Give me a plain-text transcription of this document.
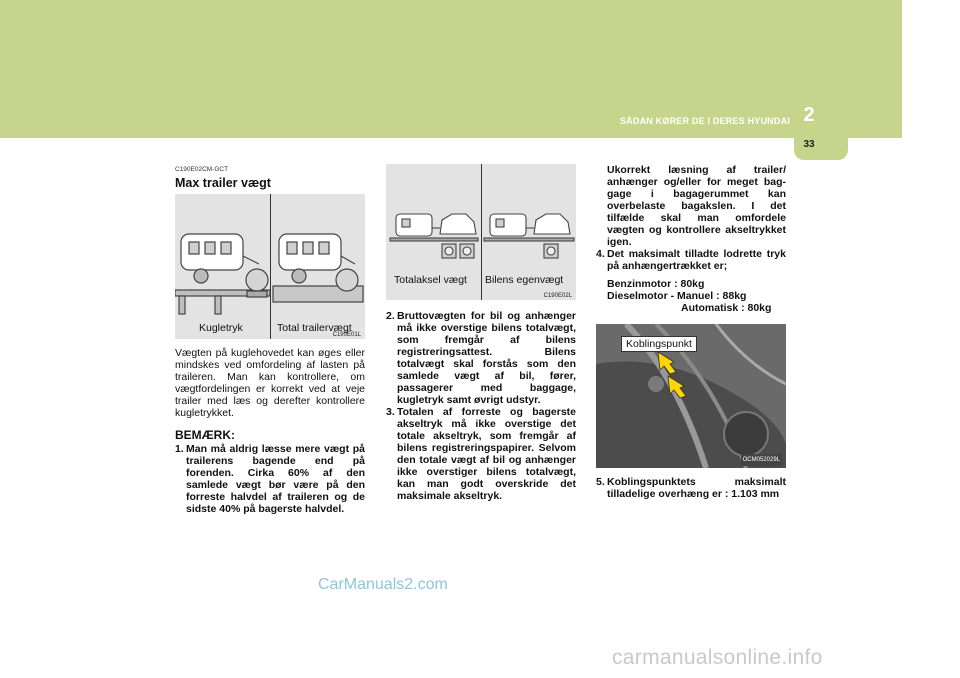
SÅDAN KØRER DE I DERES HYUNDAI 2
33
C190E02CM-GCT
Max trailer vægt
Kugletryk	Total trailervægt
C190E01L

Vægten på kuglehovedet kan øges eller mindskes ved omfordeling af lasten på traileren. Man kan kontrollere, om vægtfordelingen er korrekt ved at veje trailer med læs og derefter kontrollere kugletrykket.

BEMÆRK:
1. Man må aldrig læsse mere vægt på trailerens bagende end på forenden. Cirka 60% af den samlede vægt bør være på den forreste halvdel af traileren og de sidste 40% på bagerste halvdel.
Totalaksel vægt Bilens egenvægt
C190E02L
2. Bruttovægten for bil og anhænger må ikke overstige bilens totalvægt, som fremgår af bilens registreringsattest. Bilens totalvægt skal forstås som den samlede vægt af bil, fører, passagerer med baggage, kugletryk samt øvrigt udstyr.
3. Totalen af forreste og bagerste akseltryk må ikke overstige det totale akseltryk, som fremgår af bilens registreringspapirer. Selvom den totale vægt af bil og anhænger ikke overstiger bilens totalvægt, kan man godt overskride det maksimale akseltryk.

Ukorrekt læsning af trailer/ anhænger og/eller for meget bag- gage i bagagerummet kan overbelaste bagakslen. I det tilfælde skal man omfordele vægten og kontrollere akseltrykket igen.

4. Det maksimalt tilladte lodrette tryk på anhængertrækket er;
Benzinmotor : 80kg
Dieselmotor - Manuel : 88kg
Automatisk : 80kg
Koblingspunkt
OCM052029L
5. Koblingspunktets maksimalt tilladelige overhæng er : 1.103 mm
CarManuals2.com
carmanualsonline.info
